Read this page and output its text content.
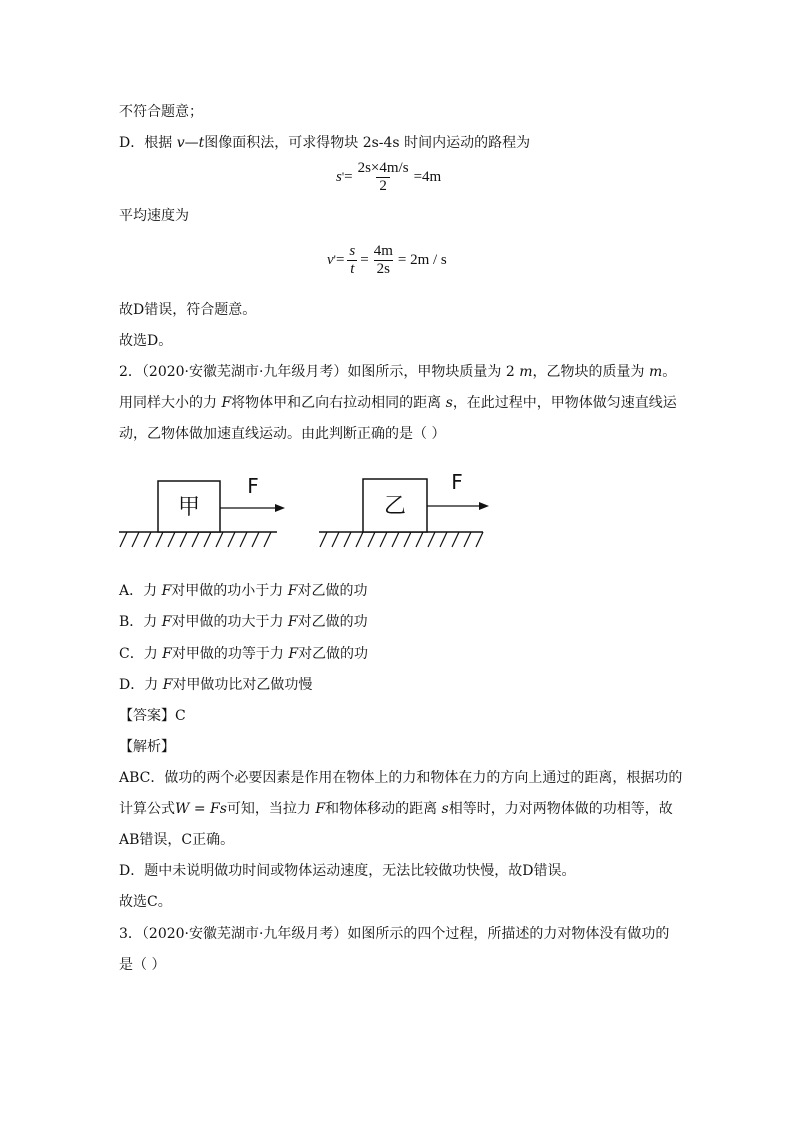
不符合题意；
D．根据 v—t图像面积法，可求得物块 2s-4s 时间内运动的路程为
s ' = $\frac{2s\times 4m/s}{2} =4m$
平均速度为
v ' = $\frac{s}{t} = \frac{4m}{2s} = 2m / s$
故D错误，符合题意。
故选D。
2．（2020·安徽芜湖市·九年级月考）如图所示，甲物块质量为 2 m，乙物块的质量为 m。
用同样大小的力 F将物体甲和乙向右拉动相同的距离 s，在此过程中，甲物体做匀速直线运
动，乙物体做加速直线运动。由此判断正确的是（ ）
甲
F
乙
F
A．力 F对甲做的功小于力 F对乙做的功
B．力 F对甲做的功大于力 F对乙做的功
C．力 F对甲做的功等于力 F对乙做的功
D．力 F对甲做功比对乙做功慢
【答案】C
【解析】
ABC．做功的两个必要因素是作用在物体上的力和物体在力的方向上通过的距离，根据功的
计算公式W = Fs可知，当拉力 F和物体移动的距离 s相等时，力对两物体做的功相等，故
AB错误，C正确。
D．题中未说明做功时间或物体运动速度，无法比较做功快慢，故D错误。
故选C。
3．（2020·安徽芜湖市·九年级月考）如图所示的四个过程，所描述的力对物体没有做功的
是（ ）
